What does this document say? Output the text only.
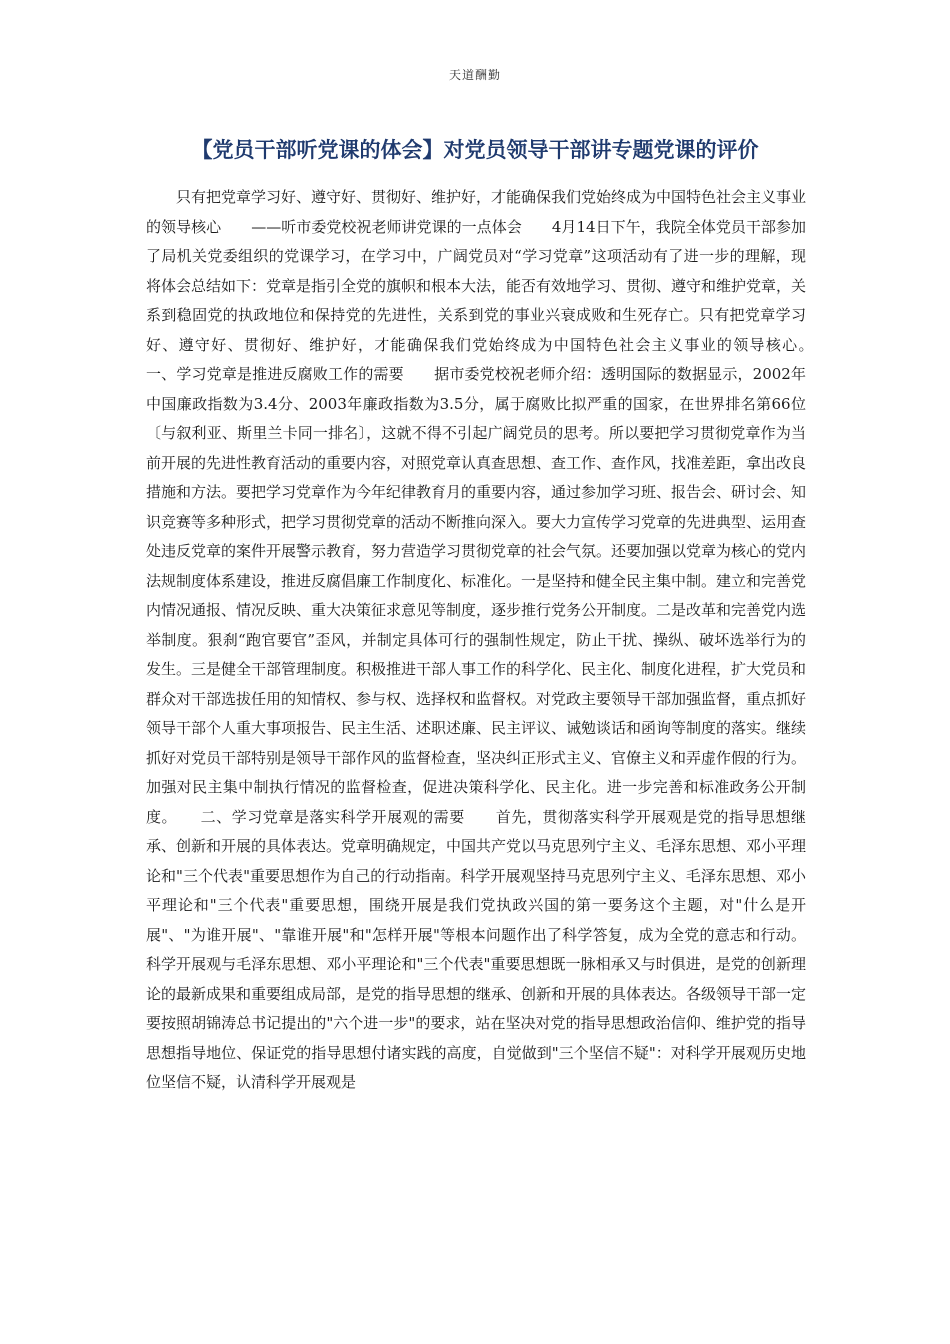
天道酬勤
【党员干部听党课的体会】对党员领导干部讲专题党课的评价

　　只有把党章学习好、遵守好、贯彻好、维护好，才能确保我们党始终成为中国特色社会主义事业的领导核心　　——听市委党校祝老师讲党课的一点体会　　4月14日下午，我院全体党员干部参加了局机关党委组织的党课学习，在学习中，广阔党员对“学习党章”这项活动有了进一步的理解，现将体会总结如下：党章是指引全党的旗帜和根本大法，能否有效地学习、贯彻、遵守和维护党章，关系到稳固党的执政地位和保持党的先进性，关系到党的事业兴衰成败和生死存亡。只有把党章学习好、遵守好、贯彻好、维护好，才能确保我们党始终成为中国特色社会主义事业的领导核心。　　一、学习党章是推进反腐败工作的需要　　据市委党校祝老师介绍：透明国际的数据显示，2002年中国廉政指数为3.4分、2003年廉政指数为3.5分，属于腐败比拟严重的国家，在世界排名第66位〔与叙利亚、斯里兰卡同一排名〕，这就不得不引起广阔党员的思考。所以要把学习贯彻党章作为当前开展的先进性教育活动的重要内容，对照党章认真查思想、查工作、查作风，找准差距，拿出改良措施和方法。要把学习党章作为今年纪律教育月的重要内容，通过参加学习班、报告会、研讨会、知识竞赛等多种形式，把学习贯彻党章的活动不断推向深入。要大力宣传学习党章的先进典型、运用查处违反党章的案件开展警示教育，努力营造学习贯彻党章的社会气氛。还要加强以党章为核心的党内法规制度体系建设，推进反腐倡廉工作制度化、标准化。一是坚持和健全民主集中制。建立和完善党内情况通报、情况反映、重大决策征求意见等制度，逐步推行党务公开制度。二是改革和完善党内选举制度。狠刹“跑官要官”歪风，并制定具体可行的强制性规定，防止干扰、操纵、破坏选举行为的发生。三是健全干部管理制度。积极推进干部人事工作的科学化、民主化、制度化进程，扩大党员和群众对干部选拔任用的知情权、参与权、选择权和监督权。对党政主要领导干部加强监督，重点抓好领导干部个人重大事项报告、民主生活、述职述廉、民主评议、诫勉谈话和函询等制度的落实。继续抓好对党员干部特别是领导干部作风的监督检查，坚决纠正形式主义、官僚主义和弄虚作假的行为。加强对民主集中制执行情况的监督检查，促进决策科学化、民主化。进一步完善和标准政务公开制度。　　二、学习党章是落实科学开展观的需要　　首先，贯彻落实科学开展观是党的指导思想继承、创新和开展的具体表达。党章明确规定，中国共产党以马克思列宁主义、毛泽东思想、邓小平理论和"三个代表"重要思想作为自己的行动指南。科学开展观坚持马克思列宁主义、毛泽东思想、邓小平理论和"三个代表"重要思想，围绕开展是我们党执政兴国的第一要务这个主题，对"什么是开展"、"为谁开展"、"靠谁开展"和"怎样开展"等根本问题作出了科学答复，成为全党的意志和行动。科学开展观与毛泽东思想、邓小平理论和"三个代表"重要思想既一脉相承又与时俱进，是党的创新理论的最新成果和重要组成局部，是党的指导思想的继承、创新和开展的具体表达。各级领导干部一定要按照胡锦涛总书记提出的"六个进一步"的要求，站在坚决对党的指导思想政治信仰、维护党的指导思想指导地位、保证党的指导思想付诸实践的高度，自觉做到"三个坚信不疑"：对科学开展观历史地位坚信不疑，认清科学开展观是
